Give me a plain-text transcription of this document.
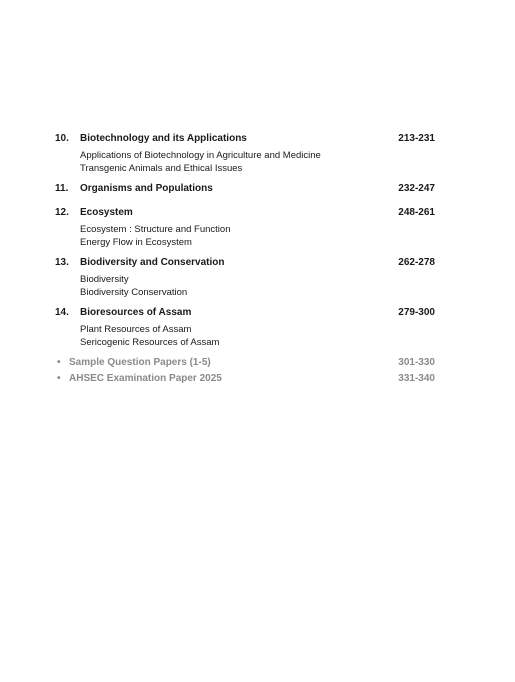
10.	Biotechnology and its Applications	213-231
Applications of Biotechnology in Agriculture and Medicine
Transgenic Animals and Ethical Issues
11.	Organisms and Populations	232-247
12.	Ecosystem	248-261
Ecosystem : Structure and Function
Energy Flow in Ecosystem
13.	Biodiversity and Conservation	262-278
Biodiversity
Biodiversity Conservation
14.	Bioresources of Assam	279-300
Plant Resources of Assam
Sericogenic Resources of Assam
• Sample Question Papers (1-5)	301-330
• AHSEC Examination Paper 2025	331-340
